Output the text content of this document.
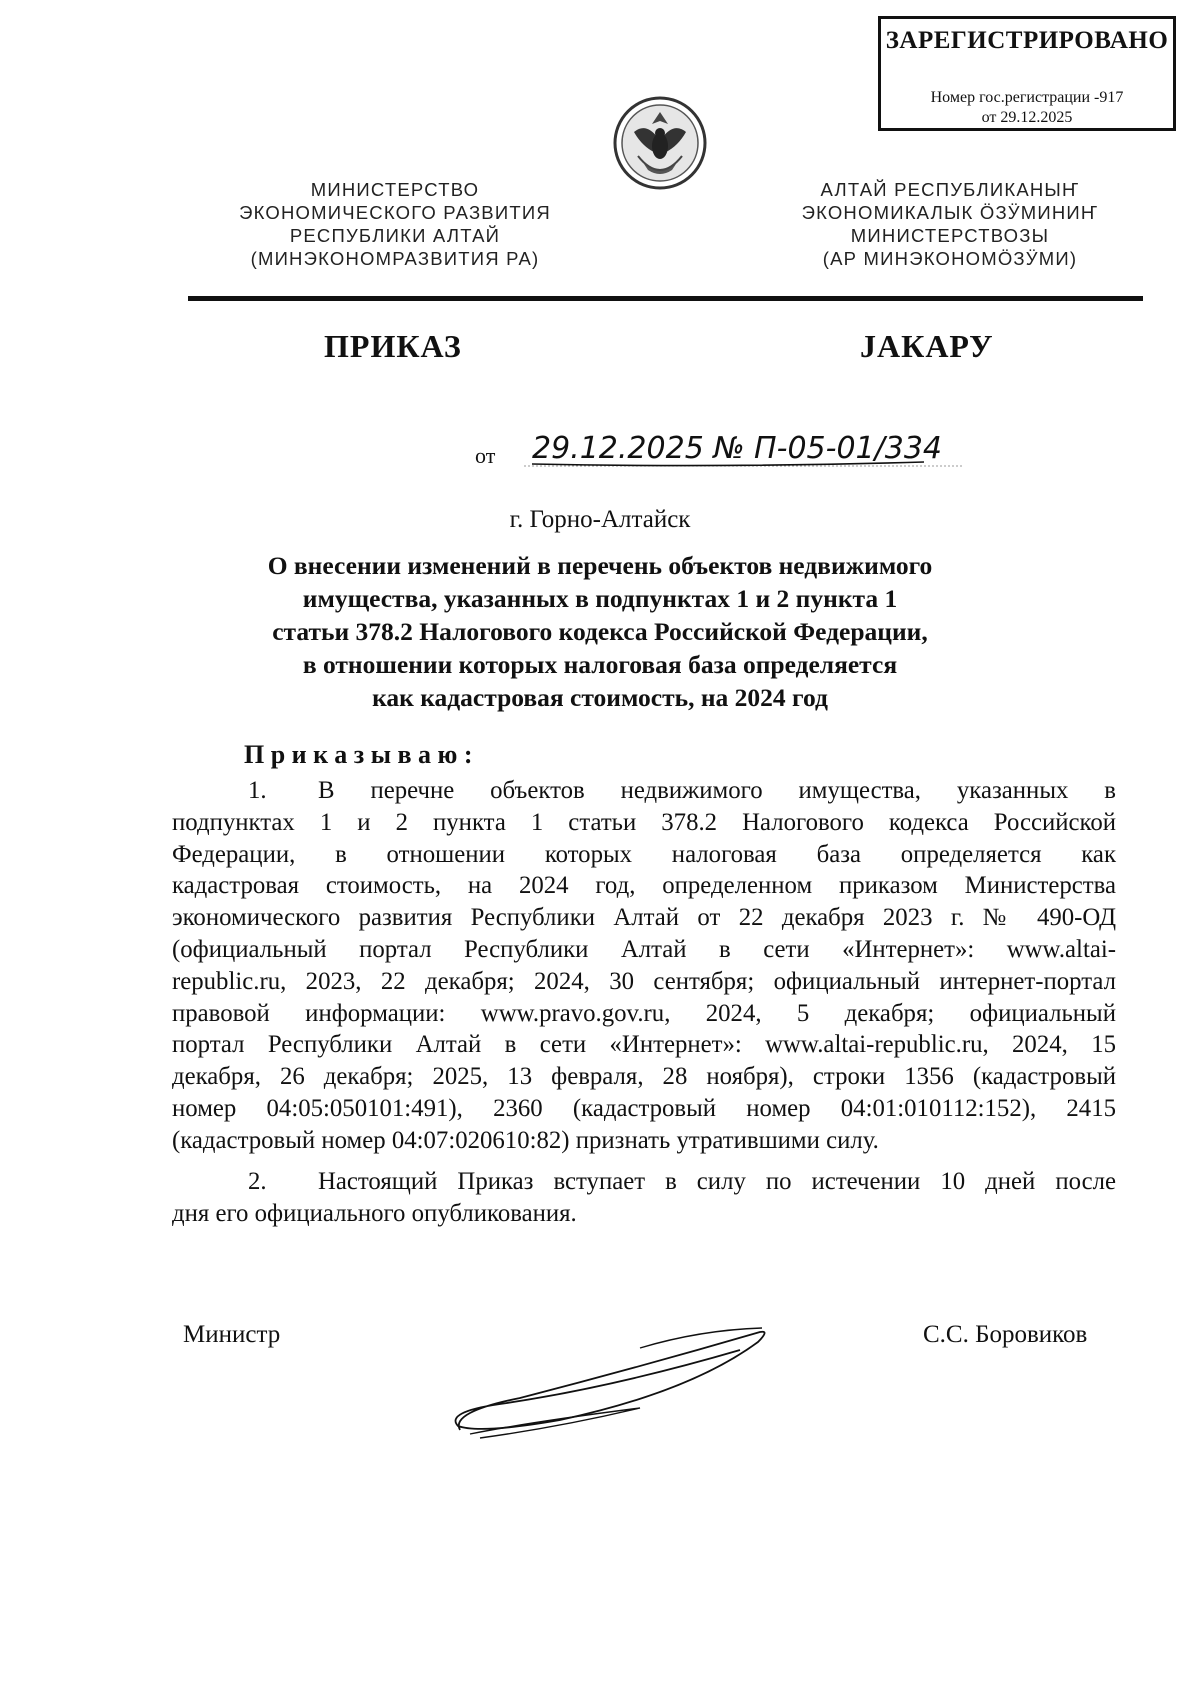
ЗАРЕГИСТРИРОВАНО
Номер гос.регистрации -917
от 29.12.2025
МИНИСТЕРСТВО
ЭКОНОМИЧЕСКОГО РАЗВИТИЯ
РЕСПУБЛИКИ АЛТАЙ
(МИНЭКОНОМРАЗВИТИЯ РА)
АЛТАЙ РЕСПУБЛИКАНЫҤ
ЭКОНОМИКАЛЫК ӦЗӰМИНИҤ
МИНИСТЕРСТВОЗЫ
(АР МИНЭКОНОМӦЗӰМИ)
ПРИКАЗ	ЈАКАРУ
от 29.12.2025 № П-05-01/334
г. Горно-Алтайск
О внесении изменений в перечень объектов недвижимого
имущества, указанных в подпунктах 1 и 2 пункта 1
статьи 378.2 Налогового кодекса Российской Федерации,
в отношении которых налоговая база определяется
как кадастровая стоимость, на 2024 год
Приказываю:
1. В перечне объектов недвижимого имущества, указанных в
подпунктах 1 и 2 пункта 1 статьи 378.2 Налогового кодекса Российской
Федерации, в отношении которых налоговая база определяется как
кадастровая стоимость, на 2024 год, определенном приказом Министерства
экономического развития Республики Алтай от 22 декабря 2023 г. № 490-ОД
(официальный портал Республики Алтай в сети «Интернет»: www.altai-
republic.ru, 2023, 22 декабря; 2024, 30 сентября; официальный интернет-портал
правовой информации: www.pravo.gov.ru, 2024, 5 декабря; официальный
портал Республики Алтай в сети «Интернет»: www.altai-republic.ru, 2024, 15
декабря, 26 декабря; 2025, 13 февраля, 28 ноября), строки 1356 (кадастровый
номер 04:05:050101:491), 2360 (кадастровый номер 04:01:010112:152), 2415
(кадастровый номер 04:07:020610:82) признать утратившими силу.
2. Настоящий Приказ вступает в силу по истечении 10 дней после
дня его официального опубликования.
Министр	С.С. Боровиков
